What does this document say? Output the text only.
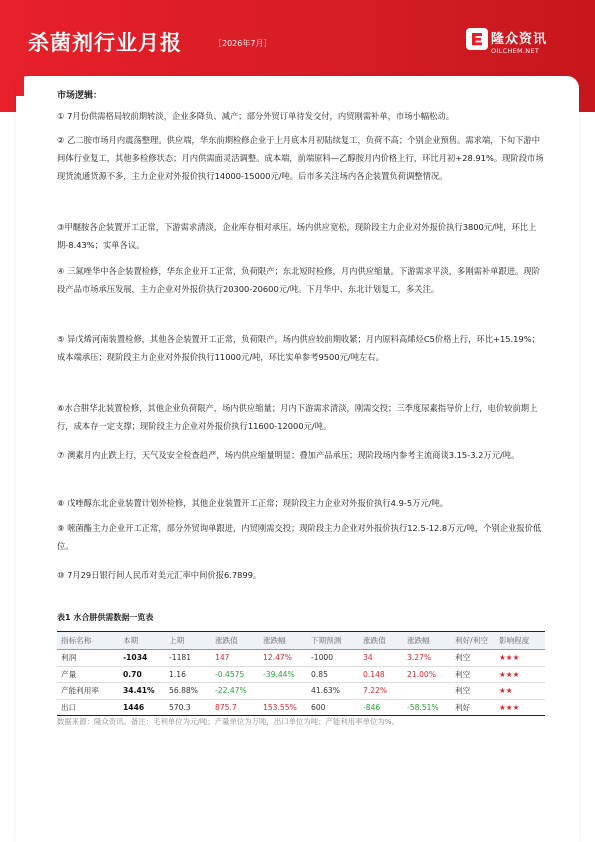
杀菌剂行业月报	［2026年7月］	隆众资讯
OILCHEM.NET
市场逻辑：

① 7月份供需格局较前期转淡，企业多降负、减产；部分外贸订单待发交付，内贸刚需补单，市场小幅松动。

② 乙二胺市场月内震荡整理。供应端，华东前期检修企业于上月底本月初陆续复工，负荷不高；个别企业预售。需求端，下旬下游中间体行业复工，其他多检修状态；月内供需面灵活调整。成本端，前端原料—乙醇胺月内价格上行，环比月初+28.91%。现阶段市场现货流通货源不多，主力企业对外报价执行14000-15000元/吨。后市多关注场内各企装置负荷调整情况。

③甲醚胺各企装置开工正常，下游需求清淡，企业库存相对承压。场内供应宽松，现阶段主力企业对外报价执行3800元/吨，环比上期-8.43%；实单各议。

④ 三氮唑华中各企装置检修，华东企业开工正常，负荷限产；东北短时检修，月内供应缩量。下游需求平淡，多刚需补单跟进。现阶段产品市场承压发展，主力企业对外报价执行20300-20600元/吨。下月华中、东北计划复工，多关注。

⑤ 异戊烯河南装置检修，其他各企装置开工正常，负荷限产，场内供应较前期收紧；月内原料高烯烃C5价格上行，环比+15.19%；成本端承压；现阶段主力企业对外报价执行11000元/吨，环比实单参考9500元/吨左右。

⑥水合肼华北装置检修，其他企业负荷限产，场内供应缩量；月内下游需求清淡，刚需交投；三季度尿素指导价上行，电价较前期上行，成本存一定支撑；现阶段主力企业对外报价执行11600-12000元/吨。

⑦ 澳素月内止跌上行，天气及安全检查趋严，场内供应缩量明显；叠加产品承压；现阶段场内参考主流商谈3.15-3.2万元/吨。

⑧ 戊唑醇东北企业装置计划外检修，其他企业装置开工正常；现阶段主力企业对外报价执行4.9-5万元/吨。

⑨ 嘧菌酯主力企业开工正常，部分外贸询单跟进，内贸刚需交投；现阶段主力企业对外报价执行12.5-12.8万元/吨，个别企业报价低位。

⑩ 7月29日银行间人民币对美元汇率中间价报6.7899。

表1 水合肼供需数据一览表
指标名称	本期	上期	涨跌值	涨跌幅	下期预测	涨跌值	涨跌幅	利好/利空	影响程度
利润	-1034	-1181	147	12.47%	-1000	34	3.27%	利空	★★★
产量	0.70	1.16	-0.4575	-39.44%	0.85	0.148	21.00%	利空	★★★
产能利用率	34.41%	56.88%	-22.47%		41.63%	7.22%		利空	★★
出口	1446	570.3	875.7	153.55%	600	-846	-58.51%	利好	★★★
数据来源：隆众资讯。备注：毛利单位为元/吨；产量单位为万吨，出口单位为吨；产能利用率单位为%。
